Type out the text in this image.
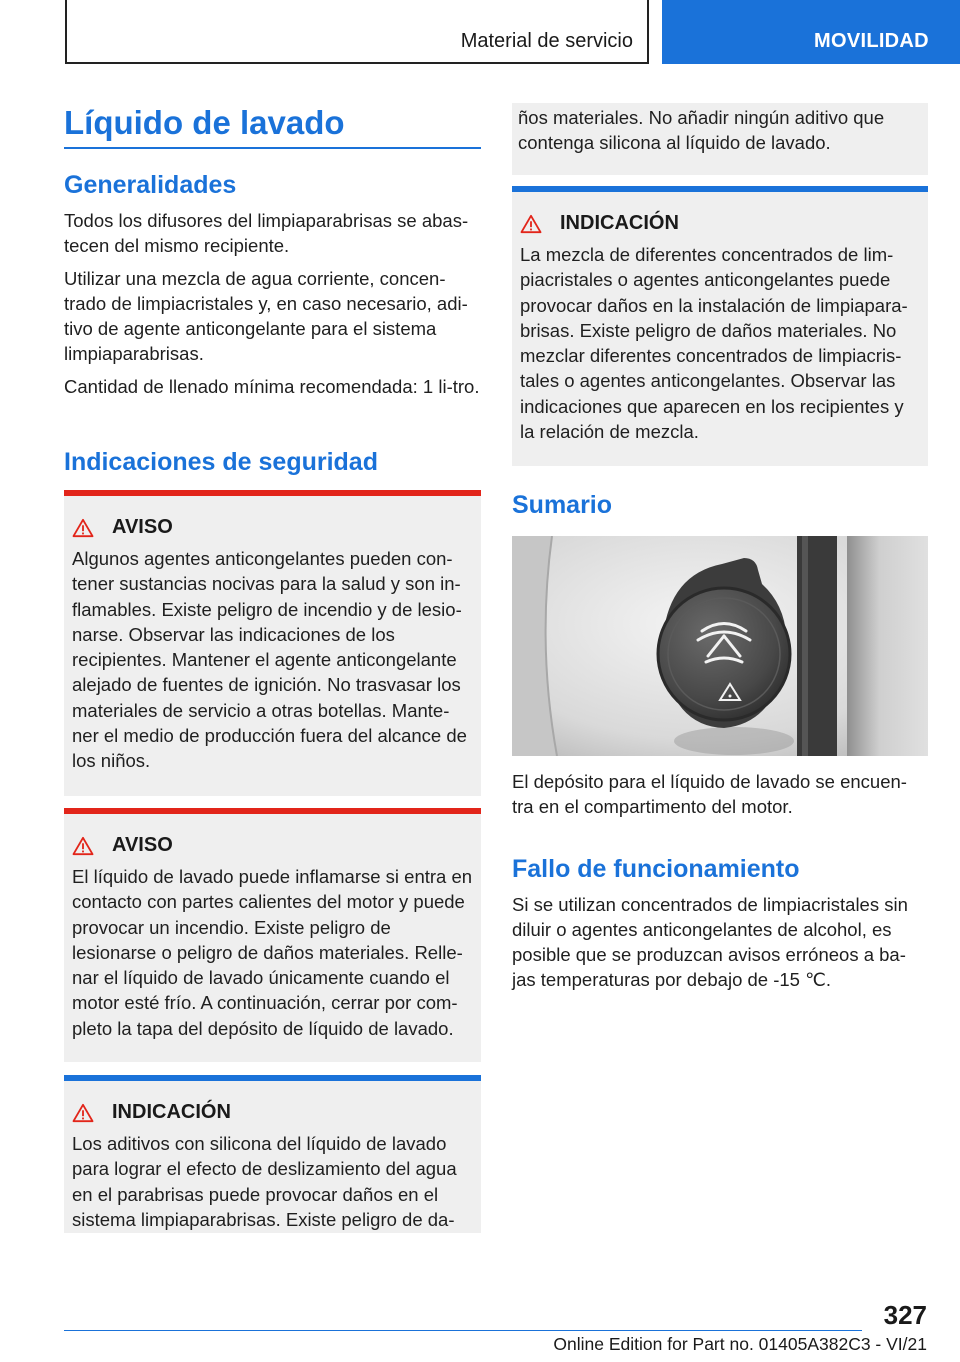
Material de servicio	MOVILIDAD
Líquido de lavado
Generalidades

Todos los difusores del limpiaparabrisas se abas-tecen del mismo recipiente.

Utilizar una mezcla de agua corriente, concen-trado de limpiacristales y, en caso necesario, adi-tivo de agente anticongelante para el sistema limpiaparabrisas.

Cantidad de llenado mínima recomendada: 1 li-tro.

Indicaciones de seguridad
AVISO
Algunos agentes anticongelantes pueden con-tener sustancias nocivas para la salud y son in-flamables. Existe peligro de incendio y de lesio-narse. Observar las indicaciones de los recipientes. Mantener el agente anticongelante alejado de fuentes de ignición. No trasvasar los materiales de servicio a otras botellas. Mante-ner el medio de producción fuera del alcance de los niños.
AVISO
El líquido de lavado puede inflamarse si entra en contacto con partes calientes del motor y puede provocar un incendio. Existe peligro de lesionarse o peligro de daños materiales. Relle-nar el líquido de lavado únicamente cuando el motor esté frío. A continuación, cerrar por com-pleto la tapa del depósito de líquido de lavado.
INDICACIÓN
Los aditivos con silicona del líquido de lavado para lograr el efecto de deslizamiento del agua en el parabrisas puede provocar daños en el sistema limpiaparabrisas. Existe peligro de da-
ños materiales. No añadir ningún aditivo que contenga silicona al líquido de lavado.
INDICACIÓN
La mezcla de diferentes concentrados de lim-piacristales o agentes anticongelantes puede provocar daños en la instalación de limpiapara-brisas. Existe peligro de daños materiales. No mezclar diferentes concentrados de limpiacris-tales o agentes anticongelantes. Observar las indicaciones que aparecen en los recipientes y la relación de mezcla.
Sumario
El depósito para el líquido de lavado se encuen-tra en el compartimento del motor.
Fallo de funcionamiento
Si se utilizan concentrados de limpiacristales sin diluir o agentes anticongelantes de alcohol, es posible que se produzcan avisos erróneos a ba-jas temperaturas por debajo de -15 ℃.
327
Online Edition for Part no. 01405A382C3 - VI/21
